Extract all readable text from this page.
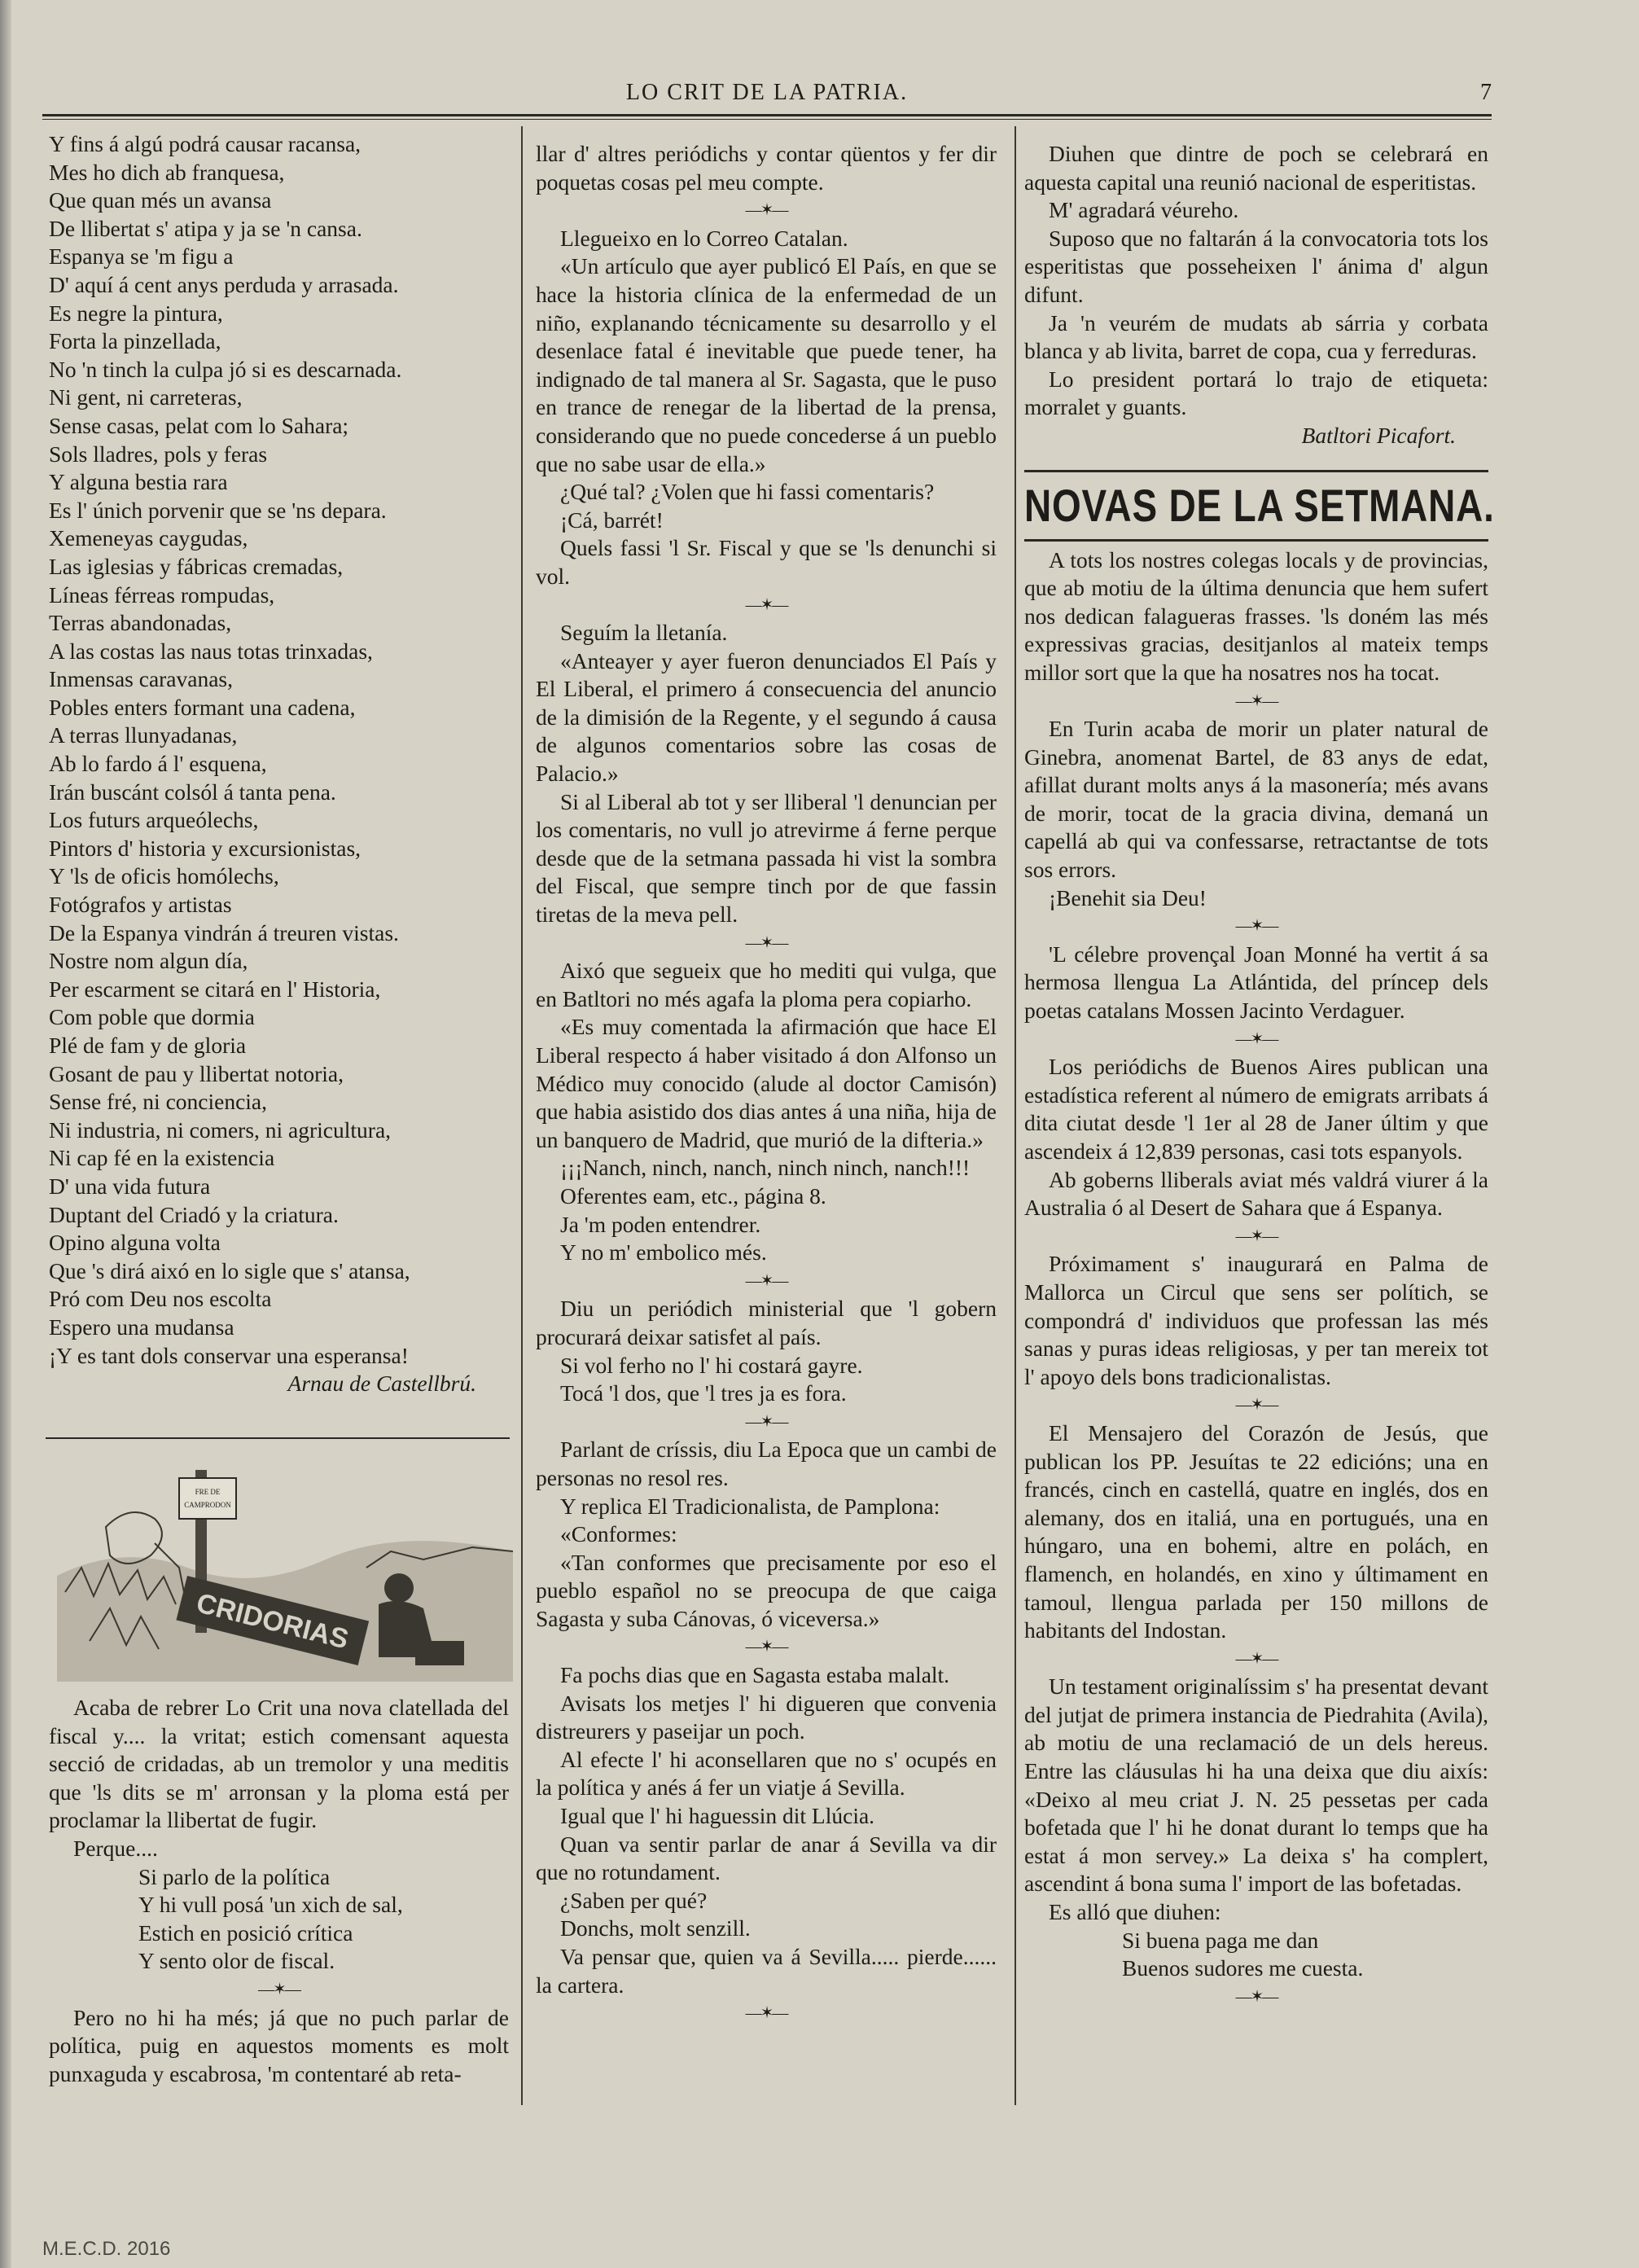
LO CRIT DE LA PATRIA.	7
Y fins á algú podrá causar racansa,
Mes ho dich ab franquesa,
Que quan més un avansa
De llibertat s' atipa y ja se 'n cansa.
Espanya se 'm figu a
D' aquí á cent anys perduda y arrasada.
Es negre la pintura,
Forta la pinzellada,
No 'n tinch la culpa jó si es descarnada.
Ni gent, ni carreteras,
Sense casas, pelat com lo Sahara;
Sols lladres, pols y feras
Y alguna bestia rara
Es l' únich porvenir que se 'ns depara.
Xemeneyas caygudas,
Las iglesias y fábricas cremadas,
Líneas férreas rompudas,
Terras abandonadas,
A las costas las naus totas trinxadas,
Inmensas caravanas,
Pobles enters formant una cadena,
A terras llunyadanas,
Ab lo fardo á l' esquena,
Irán buscánt colsól á tanta pena.
Los futurs arqueólechs,
Pintors d' historia y excursionistas,
Y 'ls de oficis homólechs,
Fotógrafos y artistas
De la Espanya vindrán á treuren vistas.
Nostre nom algun día,
Per escarment se citará en l' Historia,
Com poble que dormia
Plé de fam y de gloria
Gosant de pau y llibertat notoria,
Sense fré, ni conciencia,
Ni industria, ni comers, ni agricultura,
Ni cap fé en la existencia
D' una vida futura
Duptant del Criadó y la criatura.
Opino alguna volta
Que 's dirá aixó en lo sigle que s' atansa,
Pró com Deu nos escolta
Espero una mudansa
¡Y es tant dols conservar una esperansa!
Arnau de Castellbrú.
FRE DE
CAMPRODON
CRIDORIAS

Acaba de rebrer Lo Crit una nova clatellada del fiscal y.... la vritat; estich comensant aquesta secció de cridadas, ab un tremolor y una meditis que 'ls dits se m' arronsan y la ploma está per proclamar la llibertat de fugir.

Perque....

Si parlo de la política
Y hi vull posá 'un xich de sal,
Estich en posició crítica
Y sento olor de fiscal.
—✶—

Pero no hi ha més; já que no puch parlar de política, puig en aquestos moments es molt punxaguda y escabrosa, 'm contentaré ab reta-

llar d' altres periódichs y contar qüentos y fer dir poquetas cosas pel meu compte.

—✶—

Llegueixo en lo Correo Catalan.

«Un artículo que ayer publicó El País, en que se hace la historia clínica de la enfermedad de un niño, explanando técnicamente su desarrollo y el desenlace fatal é inevitable que puede tener, ha indignado de tal manera al Sr. Sagasta, que le puso en trance de renegar de la libertad de la prensa, considerando que no puede concederse á un pueblo que no sabe usar de ella.»

¿Qué tal? ¿Volen que hi fassi comentaris?

¡Cá, barrét!

Quels fassi 'l Sr. Fiscal y que se 'ls denunchi si vol.

—✶—

Seguím la lletanía.

«Anteayer y ayer fueron denunciados El País y El Liberal, el primero á consecuencia del anuncio de la dimisión de la Regente, y el segundo á causa de algunos comentarios sobre las cosas de Palacio.»

Si al Liberal ab tot y ser lliberal 'l denuncian per los comentaris, no vull jo atrevirme á ferne perque desde que de la setmana passada hi vist la sombra del Fiscal, que sempre tinch por de que fassin tiretas de la meva pell.

—✶—

Aixó que segueix que ho mediti qui vulga, que en Batltori no més agafa la ploma pera copiarho.

«Es muy comentada la afirmación que hace El Liberal respecto á haber visitado á don Alfonso un Médico muy conocido (alude al doctor Camisón) que habia asistido dos dias antes á una niña, hija de un banquero de Madrid, que murió de la difteria.»

¡¡¡Nanch, ninch, nanch, ninch ninch, nanch!!!

Oferentes eam, etc., página 8.

Ja 'm poden entendrer.

Y no m' embolico més.

—✶—

Diu un periódich ministerial que 'l gobern procurará deixar satisfet al país.

Si vol ferho no l' hi costará gayre.

Tocá 'l dos, que 'l tres ja es fora.

—✶—

Parlant de críssis, diu La Epoca que un cambi de personas no resol res.

Y replica El Tradicionalista, de Pamplona:

«Conformes:

«Tan conformes que precisamente por eso el pueblo español no se preocupa de que caiga Sagasta y suba Cánovas, ó viceversa.»

—✶—

Fa pochs dias que en Sagasta estaba malalt.

Avisats los metjes l' hi digueren que convenia distreurers y paseijar un poch.

Al efecte l' hi aconsellaren que no s' ocupés en la política y anés á fer un viatje á Sevilla.

Igual que l' hi haguessin dit Llúcia.

Quan va sentir parlar de anar á Sevilla va dir que no rotundament.

¿Saben per qué?

Donchs, molt senzill.

Va pensar que, quien va á Sevilla..... pierde...... la cartera.

—✶—

Diuhen que dintre de poch se celebrará en aquesta capital una reunió nacional de esperitistas.

M' agradará véureho.

Suposo que no faltarán á la convocatoria tots los esperitistas que posseheixen l' ánima d' algun difunt.

Ja 'n veurém de mudats ab sárria y corbata blanca y ab livita, barret de copa, cua y ferreduras.

Lo president portará lo trajo de etiqueta: morralet y guants.

Batltori Picafort.
NOVAS DE LA SETMANA.

A tots los nostres colegas locals y de provincias, que ab motiu de la última denuncia que hem sufert nos dedican falagueras frasses. 'ls doném las més expressivas gracias, desitjanlos al mateix temps millor sort que la que ha nosatres nos ha tocat.

—✶—

En Turin acaba de morir un plater natural de Ginebra, anomenat Bartel, de 83 anys de edat, afillat durant molts anys á la masonería; més avans de morir, tocat de la gracia divina, demaná un capellá ab qui va confessarse, retractantse de tots sos errors.

¡Benehit sia Deu!

—✶—

'L célebre provençal Joan Monné ha vertit á sa hermosa llengua La Atlántida, del príncep dels poetas catalans Mossen Jacinto Verdaguer.

—✶—

Los periódichs de Buenos Aires publican una estadística referent al número de emigrats arribats á dita ciutat desde 'l 1er al 28 de Janer últim y que ascendeix á 12,839 personas, casi tots espanyols.

Ab goberns lliberals aviat més valdrá viurer á la Australia ó al Desert de Sahara que á Espanya.

—✶—

Próximament s' inaugurará en Palma de Mallorca un Circul que sens ser polítich, se compondrá d' individuos que professan las més sanas y puras ideas religiosas, y per tan mereix tot l' apoyo dels bons tradicionalistas.

—✶—

El Mensajero del Corazón de Jesús, que publican los PP. Jesuítas te 22 edicións; una en francés, cinch en castellá, quatre en inglés, dos en alemany, dos en italiá, una en portugués, una en húngaro, una en bohemi, altre en polách, en flamench, en holandés, en xino y últimament en tamoul, llengua parlada per 150 millons de habitants del Indostan.

—✶—

Un testament originalíssim s' ha presentat devant del jutjat de primera instancia de Piedrahita (Avila), ab motiu de una reclamació de un dels hereus. Entre las cláusulas hi ha una deixa que diu aixís: «Deixo al meu criat J. N. 25 pessetas per cada bofetada que l' hi he donat durant lo temps que ha estat á mon servey.» La deixa s' ha complert, ascendint á bona suma l' import de las bofetadas.

Es alló que diuhen:

Si buena paga me dan
Buenos sudores me cuesta.
—✶—
M.E.C.D. 2016
